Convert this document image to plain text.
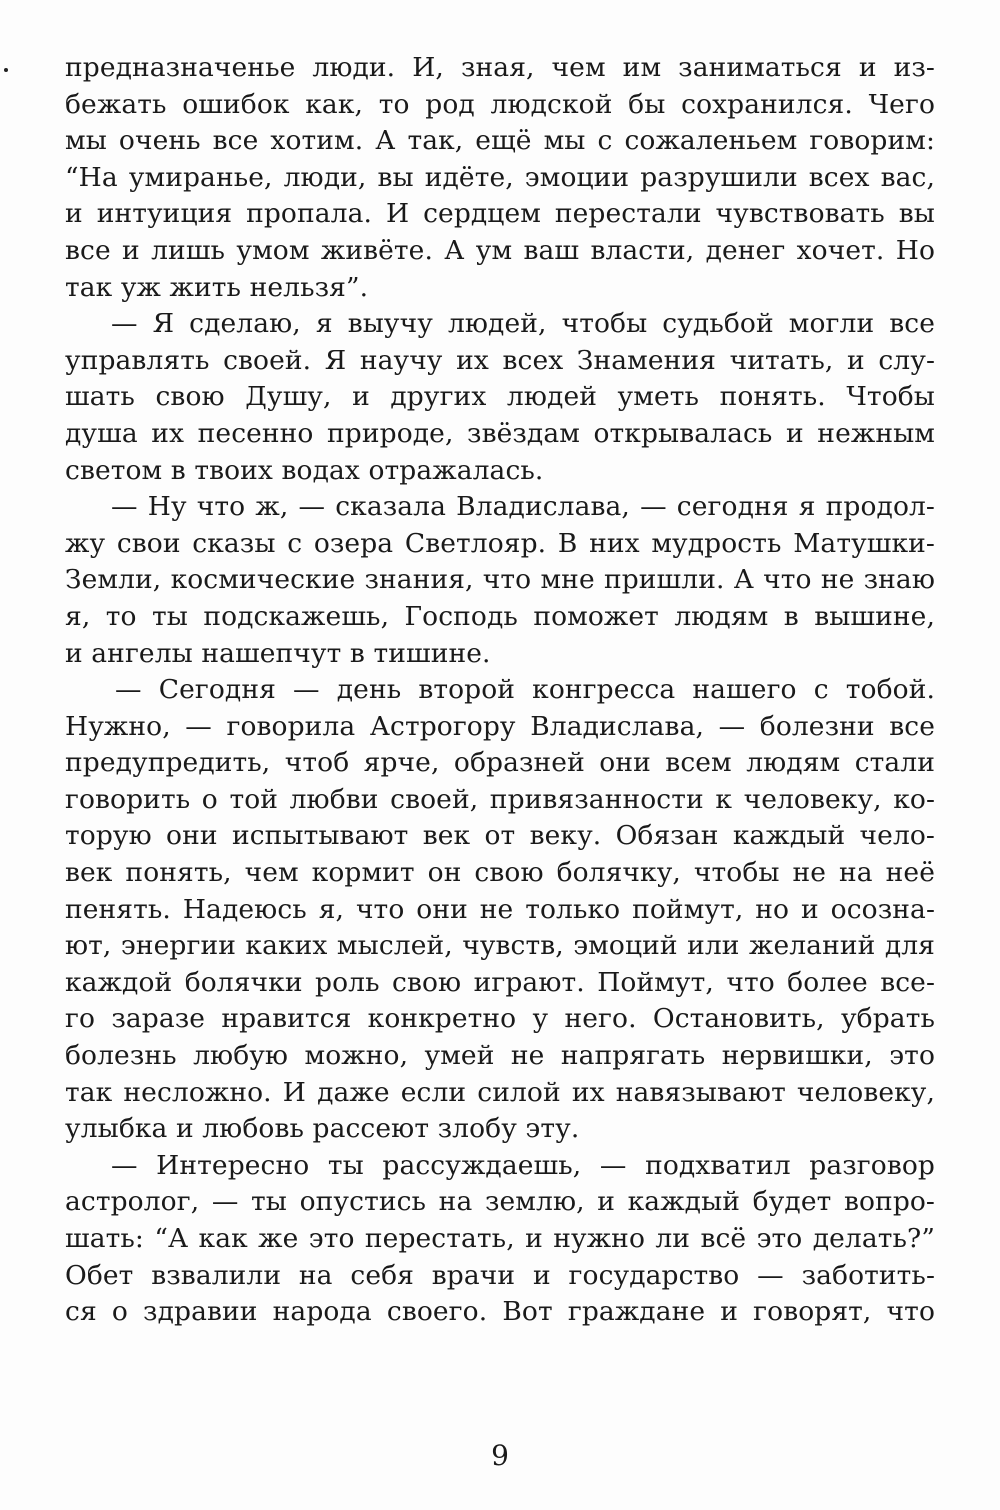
предназначенье люди. И, зная, чем им заниматься и из-
бежать ошибок как, то род людской бы сохранился. Чего
мы очень все хотим. А так, ещё мы с сожаленьем говорим:
“На умиранье, люди, вы идёте, эмоции разрушили всех вас,
и интуиция пропала. И сердцем перестали чувствовать вы
все и лишь умом живёте. А ум ваш власти, денег хочет. Но
так уж жить нельзя”.
— Я сделаю, я выучу людей, чтобы судьбой могли все
управлять своей. Я научу их всех Знамения читать, и слу-
шать свою Душу, и других людей уметь понять. Чтобы
душа их песенно природе, звёздам открывалась и нежным
светом в твоих водах отражалась.
— Ну что ж, — сказала Владислава, — сегодня я продол-
жу свои сказы с озера Светлояр. В них мудрость Матушки-
Земли, космические знания, что мне пришли. А что не знаю
я, то ты подскажешь, Господь поможет людям в вышине,
и ангелы нашепчут в тишине.
— Сегодня — день второй конгресса нашего с тобой.
Нужно, — говорила Астрогору Владислава, — болезни все
предупредить, чтоб ярче, образней они всем людям стали
говорить о той любви своей, привязанности к человеку, ко-
торую они испытывают век от веку. Обязан каждый чело-
век понять, чем кормит он свою болячку, чтобы не на неё
пенять. Надеюсь я, что они не только поймут, но и осозна-
ют, энергии каких мыслей, чувств, эмоций или желаний для
каждой болячки роль свою играют. Поймут, что более все-
го заразе нравится конкретно у него. Остановить, убрать
болезнь любую можно, умей не напрягать нервишки, это
так несложно. И даже если силой их навязывают человеку,
улыбка и любовь рассеют злобу эту.
— Интересно ты рассуждаешь, — подхватил разговор
астролог, — ты опустись на землю, и каждый будет вопро-
шать: “А как же это перестать, и нужно ли всё это делать?”
Обет взвалили на себя врачи и государство — заботить-
ся о здравии народа своего. Вот граждане и говорят, что
9
